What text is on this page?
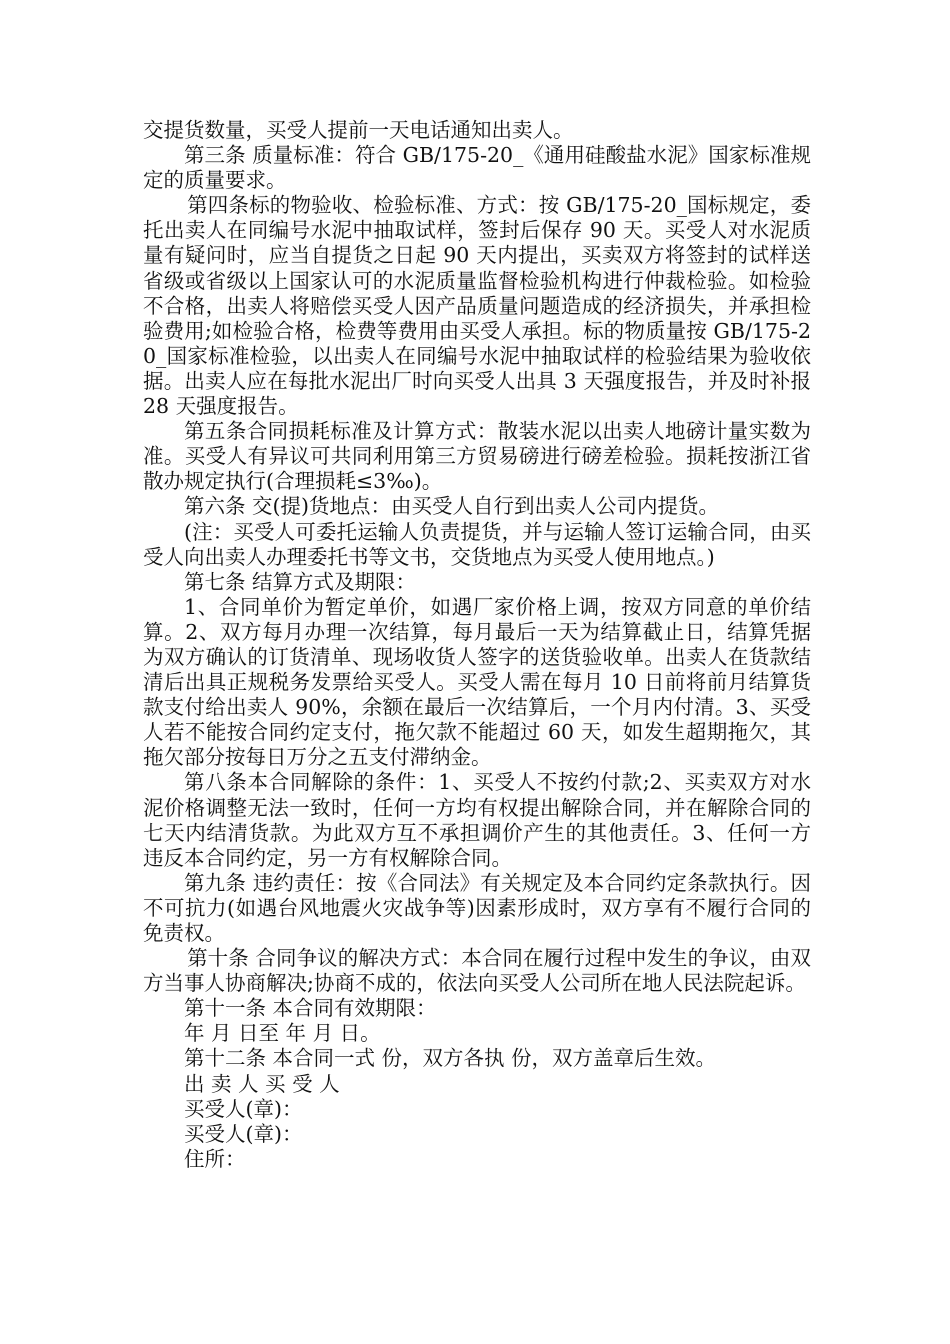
交提货数量，买受人提前一天电话通知出卖人。

第三条 质量标准：符合 GB/175-20_《通用硅酸盐水泥》国家标准规定的质量要求。

第四条标的物验收、检验标准、方式：按 GB/175-20_国标规定，委托出卖人在同编号水泥中抽取试样，签封后保存 90 天。买受人对水泥质量有疑问时，应当自提货之日起 90 天内提出，买卖双方将签封的试样送省级或省级以上国家认可的水泥质量监督检验机构进行仲裁检验。如检验不合格，出卖人将赔偿买受人因产品质量问题造成的经济损失，并承担检验费用;如检验合格，检费等费用由买受人承担。标的物质量按 GB/175-20_国家标准检验，以出卖人在同编号水泥中抽取试样的检验结果为验收依据。出卖人应在每批水泥出厂时向买受人出具 3 天强度报告，并及时补报 28 天强度报告。

第五条合同损耗标准及计算方式：散装水泥以出卖人地磅计量实数为准。买受人有异议可共同利用第三方贸易磅进行磅差检验。损耗按浙江省散办规定执行(合理损耗≤3‰)。

第六条 交(提)货地点：由买受人自行到出卖人公司内提货。

(注：买受人可委托运输人负责提货，并与运输人签订运输合同，由买受人向出卖人办理委托书等文书，交货地点为买受人使用地点。)

第七条 结算方式及期限：

1、合同单价为暂定单价，如遇厂家价格上调，按双方同意的单价结算。2、双方每月办理一次结算，每月最后一天为结算截止日，结算凭据为双方确认的订货清单、现场收货人签字的送货验收单。出卖人在货款结清后出具正规税务发票给买受人。买受人需在每月 10 日前将前月结算货款支付给出卖人 90%，余额在最后一次结算后，一个月内付清。3、买受人若不能按合同约定支付，拖欠款不能超过 60 天，如发生超期拖欠，其拖欠部分按每日万分之五支付滞纳金。

第八条本合同解除的条件：1、买受人不按约付款;2、买卖双方对水泥价格调整无法一致时，任何一方均有权提出解除合同，并在解除合同的七天内结清货款。为此双方互不承担调价产生的其他责任。3、任何一方违反本合同约定，另一方有权解除合同。

第九条 违约责任：按《合同法》有关规定及本合同约定条款执行。因不可抗力(如遇台风地震火灾战争等)因素形成时，双方享有不履行合同的免责权。

第十条 合同争议的解决方式：本合同在履行过程中发生的争议，由双方当事人协商解决;协商不成的，依法向买受人公司所在地人民法院起诉。

第十一条 本合同有效期限：

年 月 日至 年 月 日。

第十二条 本合同一式 份，双方各执 份，双方盖章后生效。

出 卖 人 买 受 人

买受人(章)：

买受人(章)：

住所：
